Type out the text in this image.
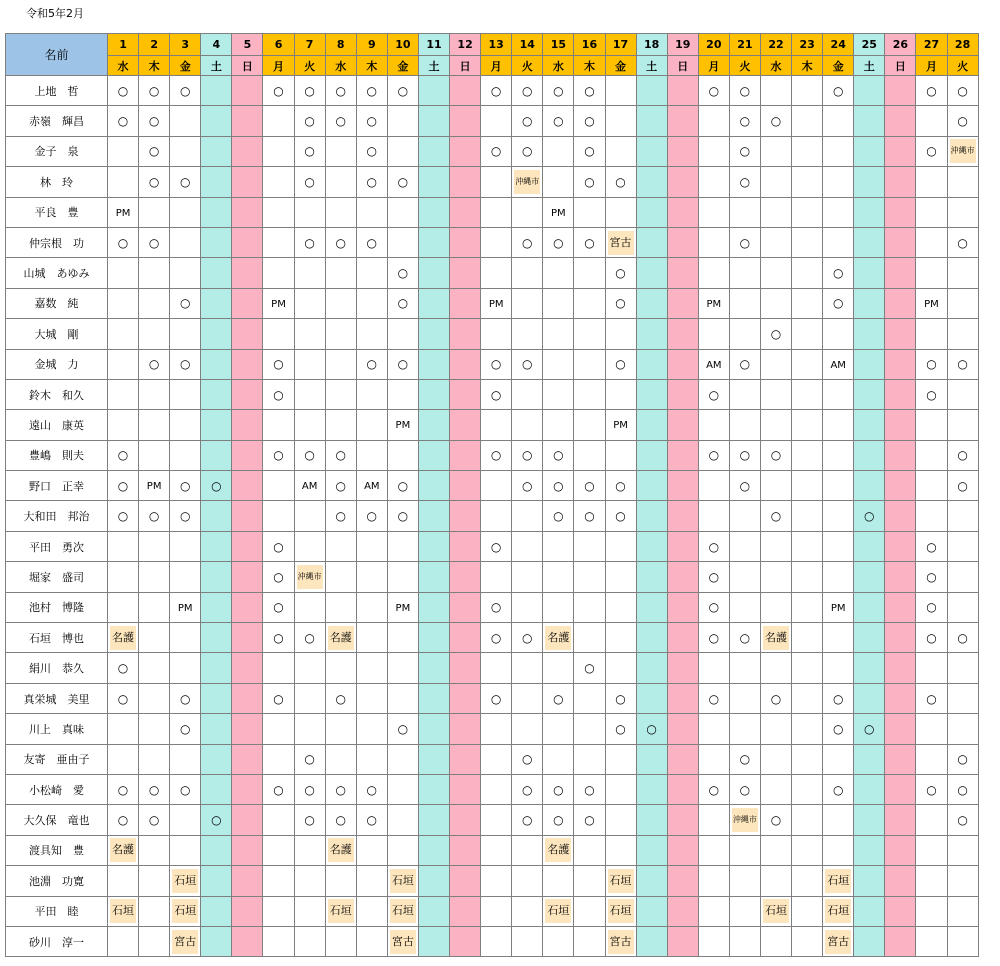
令和5年2月
名前	1	2	3	4	5	6	7	8	9	10	11	12	13	14	15	16	17	18	19	20	21	22	23	24	25	26	27	28
	水	木	金	土	日	月	火	水	木	金	土	日	月	火	水	木	金	土	日	月	火	水	木	金	土	日	月	火
上地　哲	○	○	○			○	○	○	○	○			○	○	○	○				○	○			○			○	○
赤嶺　輝昌	○	○					○	○	○					○	○	○					○	○						○
金子　泉		○					○		○				○	○		○					○						○	沖縄市

林　玲		○	○				○		○	○				沖縄市		○	○				○							
平良　豊	PM														PM													
仲宗根　功	○	○					○	○	○					○	○	○	宮古				○							○
山城　あゆみ										○							○							○				
嘉数　純			○			PM				○			PM				○			PM				○			PM	
大城　剛																						○						
金城　力		○	○			○			○	○			○	○			○			AM	○			AM			○	○
鈴木　和久						○							○							○							○	
遠山　康英										PM							PM											
豊嶋　則夫	○					○	○	○					○	○	○					○	○	○						○
野口　正幸	○	PM	○	○			AM	○	AM	○				○	○	○	○				○							○
大和田　邦治	○	○	○					○	○	○					○	○	○					○			○			
平田　勇次						○							○							○							○	
堀家　盛司						○	沖縄市													○							○	
池村　博隆			PM			○				PM			○							○				PM			○	
石垣　博也	名護					○	○	名護					○	○	名護					○	○	名護					○	○
絹川　恭久	○															○												
真栄城　美里	○		○			○		○					○		○		○			○		○		○			○	
川上　真味			○							○							○	○						○	○			
友寄　亜由子							○							○							○							○
小松崎　愛	○	○	○			○	○	○	○					○	○	○				○	○			○			○	○
大久保　竜也	○	○		○			○	○	○					○	○	○					沖縄市	○						○
渡具知　豊	名護							名護							名護													

池淵　功寛			石垣							石垣							石垣							石垣				

平田　睦	石垣		石垣					石垣		石垣					石垣		石垣					石垣		石垣				

砂川　淳一			宮古							宮古							宮古							宮古				
